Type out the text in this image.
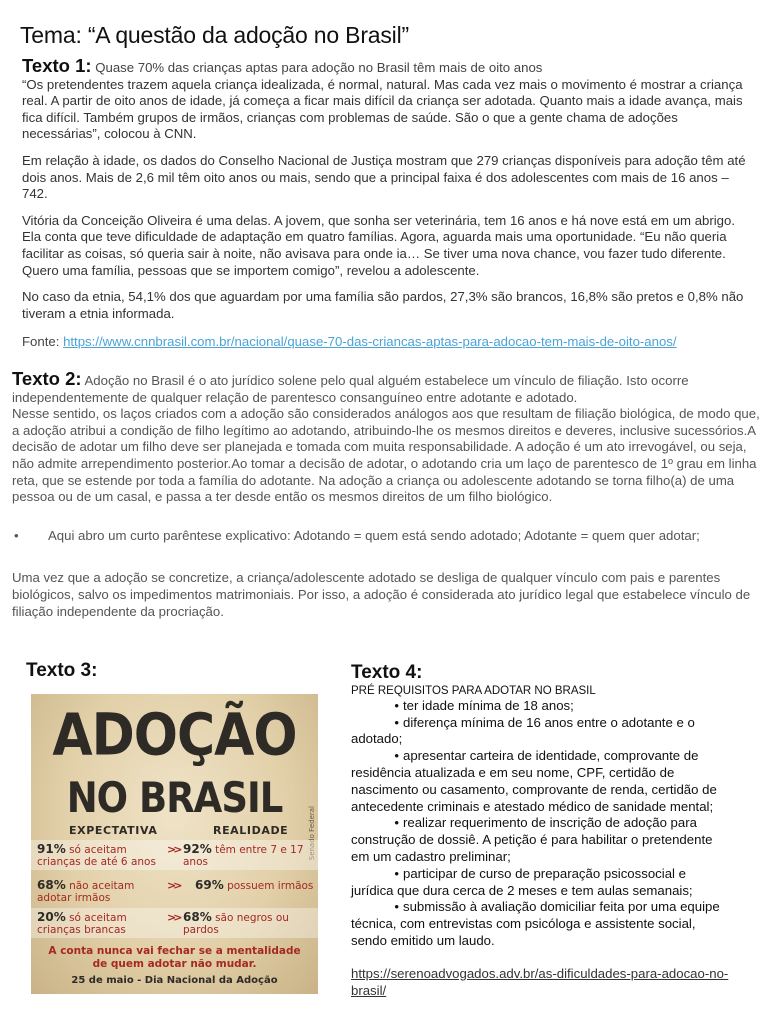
Tema: “A questão da adoção no Brasil”

Texto 1: Quase 70% das crianças aptas para adoção no Brasil têm mais de oito anos

“Os pretendentes trazem aquela criança idealizada, é normal, natural. Mas cada vez mais o movimento é mostrar a criança real. A partir de oito anos de idade, já começa a ficar mais difícil da criança ser adotada. Quanto mais a idade avança, mais fica difícil. Também grupos de irmãos, crianças com problemas de saúde. São o que a gente chama de adoções necessárias”, colocou à CNN.

Em relação à idade, os dados do Conselho Nacional de Justiça mostram que 279 crianças disponíveis para adoção têm até dois anos. Mais de 2,6 mil têm oito anos ou mais, sendo que a principal faixa é dos adolescentes com mais de 16 anos – 742.

Vitória da Conceição Oliveira é uma delas. A jovem, que sonha ser veterinária, tem 16 anos e há nove está em um abrigo. Ela conta que teve dificuldade de adaptação em quatro famílias. Agora, aguarda mais uma oportunidade. “Eu não queria facilitar as coisas, só queria sair à noite, não avisava para onde ia… Se tiver uma nova chance, vou fazer tudo diferente. Quero uma família, pessoas que se importem comigo”, revelou a adolescente.

No caso da etnia, 54,1% dos que aguardam por uma família são pardos, 27,3% são brancos, 16,8% são pretos e 0,8% não tiveram a etnia informada.

Fonte: https://www.cnnbrasil.com.br/nacional/quase-70-das-criancas-aptas-para-adocao-tem-mais-de-oito-anos/

Texto 2: Adoção no Brasil é o ato jurídico solene pelo qual alguém estabelece um vínculo de filiação. Isto ocorre independentemente de qualquer relação de parentesco consanguíneo entre adotante e adotado.

Nesse sentido, os laços criados com a adoção são considerados análogos aos que resultam de filiação biológica, de modo que, a adoção atribui a condição de filho legítimo ao adotando, atribuindo-lhe os mesmos direitos e deveres, inclusive sucessórios.A decisão de adotar um filho deve ser planejada e tomada com muita responsabilidade. A adoção é um ato irrevogável, ou seja, não admite arrependimento posterior.Ao tomar a decisão de adotar, o adotando cria um laço de parentesco de 1º grau em linha reta, que se estende por toda a família do adotante. Na adoção a criança ou adolescente adotando se torna filho(a) de uma pessoa ou de um casal, e passa a ter desde então os mesmos direitos de um filho biológico.

•	Aqui abro um curto parêntese explicativo: Adotando = quem está sendo adotado; Adotante = quem quer adotar;

Uma vez que a adoção se concretize, a criança/adolescente adotado se desliga de qualquer vínculo com pais e parentes biológicos, salvo os impedimentos matrimoniais. Por isso, a adoção é considerada ato jurídico legal que estabelece vínculo de filiação independente da procriação.

Texto 3:
ADOÇÃO
NO BRASIL
Senado Federal
EXPECTATIVA	REALIDADE
91% só aceitam crianças de até 6 anos
>> 92% têm entre 7 e 17 anos
68% não aceitam adotar irmãos
>> 69% possuem irmãos
20% só aceitam crianças brancas
>> 68% são negros ou pardos
A conta nunca vai fechar se a mentalidade
de quem adotar não mudar.
25 de maio - Dia Nacional da Adoção
Texto 4:
PRÉ REQUISITOS PARA ADOTAR NO BRASIL
• ter idade mínima de 18 anos;
• diferença mínima de 16 anos entre o adotante e o adotado;
• apresentar carteira de identidade, comprovante de residência atualizada e em seu nome, CPF, certidão de nascimento ou casamento, comprovante de renda, certidão de antecedente criminais e atestado médico de sanidade mental;
• realizar requerimento de inscrição de adoção para construção de dossiê. A petição é para habilitar o pretendente em um cadastro preliminar;
• participar de curso de preparação psicossocial e jurídica que dura cerca de 2 meses e tem aulas semanais;
• submissão à avaliação domiciliar feita por uma equipe técnica, com entrevistas com psicóloga e assistente social, sendo emitido um laudo.
https://serenoadvogados.adv.br/as-dificuldades-para-adocao-no-brasil/
